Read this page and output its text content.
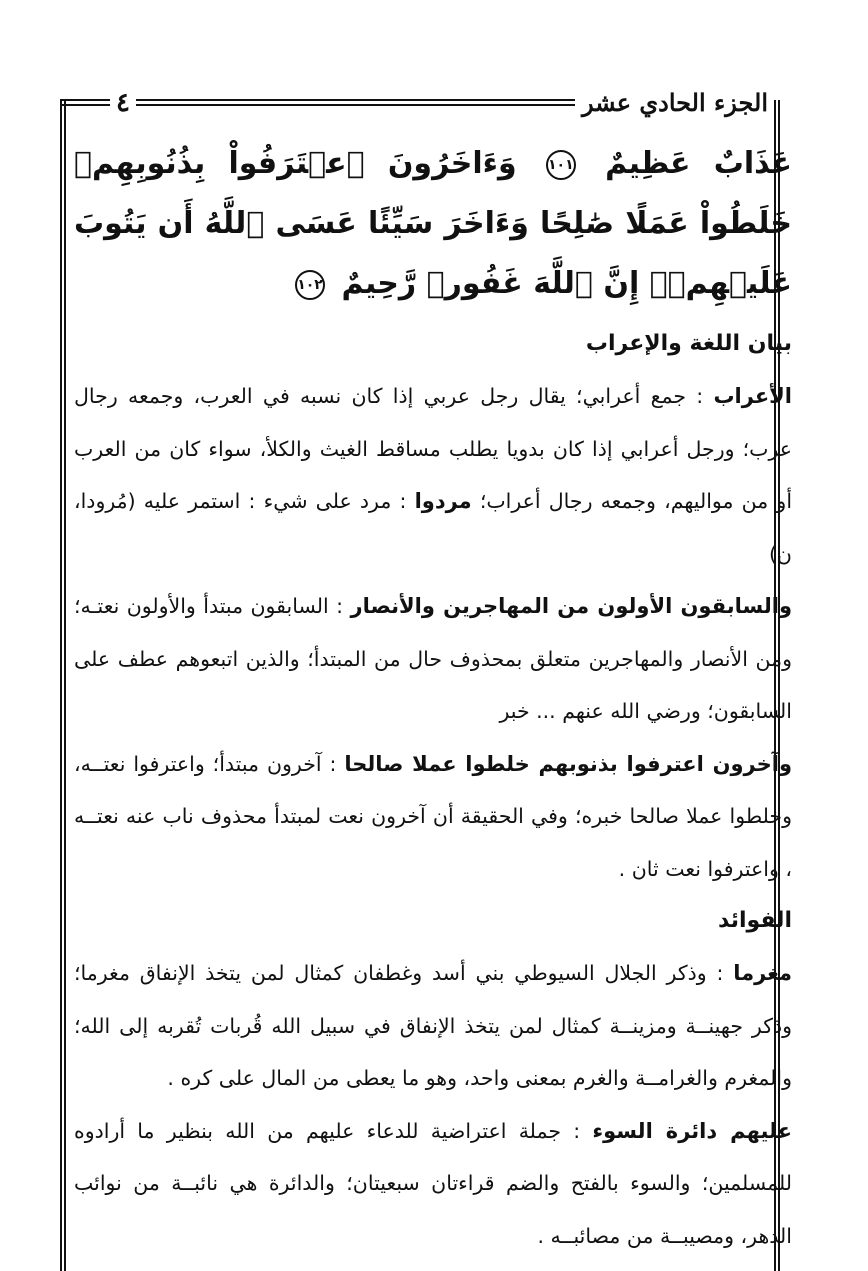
الجزء الحادي عشر
٤
عَذَابٌ عَظِيمٌ ١٠١ وَءَاخَرُونَ ٱعۡتَرَفُواْ بِذُنُوبِهِمۡ خَلَطُواْ عَمَلًا صَٰلِحًا وَءَاخَرَ سَيِّئًا عَسَى ٱللَّهُ أَن يَتُوبَ عَلَيۡهِمۡۚ إِنَّ ٱللَّهَ غَفُورٞ رَّحِيمٌ ١٠٢
بيان اللغة والإعراب

الأعراب : جمع أعرابي؛ يقال رجل عربي إذا كان نسبه في العرب، وجمعه رجال عرب؛ ورجل أعرابي إذا كان بدويا يطلب مساقط الغيث والكلأ، سواء كان من العرب أو من مواليهم، وجمعه رجال أعراب؛ مردوا : مرد على شيء : استمر عليه (مُرودا، ن)

والسابقون الأولون من المهاجرين والأنصار : السابقون مبتدأ والأولون نعتـه؛ ومن الأنصار والمهاجرين متعلق بمحذوف حال من المبتدأ؛ والذين اتبعوهم عطف على السابقون؛ ورضي الله عنهم ... خبر

وآخرون اعترفوا بذنوبهم خلطوا عملا صالحا : آخرون مبتدأ؛ واعترفوا نعتــه، وخلطوا عملا صالحا خبره؛ وفي الحقيقة أن آخرون نعت لمبتدأ محذوف ناب عنه نعتــه ، واعترفوا نعت ثان .

الفوائد

مغرما : وذكر الجلال السيوطي بني أسد وغطفان كمثال لمن يتخذ الإنفاق مغرما؛ وذكر جهينــة ومزينــة كمثال لمن يتخذ الإنفاق في سبيل الله قُربات تُقربه إلى الله؛ والمغرم والغرامــة والغرم بمعنى واحد، وهو ما يعطى من المال على كره .

عليهم دائرة السوء : جملة اعتراضية للدعاء عليهم من الله بنظير ما أرادوه للمسلمين؛ والسوء بالفتح والضم قراءتان سبعيتان؛ والدائرة هي نائبــة من نوائب الدهر، ومصيبــة من مصائبــه .
